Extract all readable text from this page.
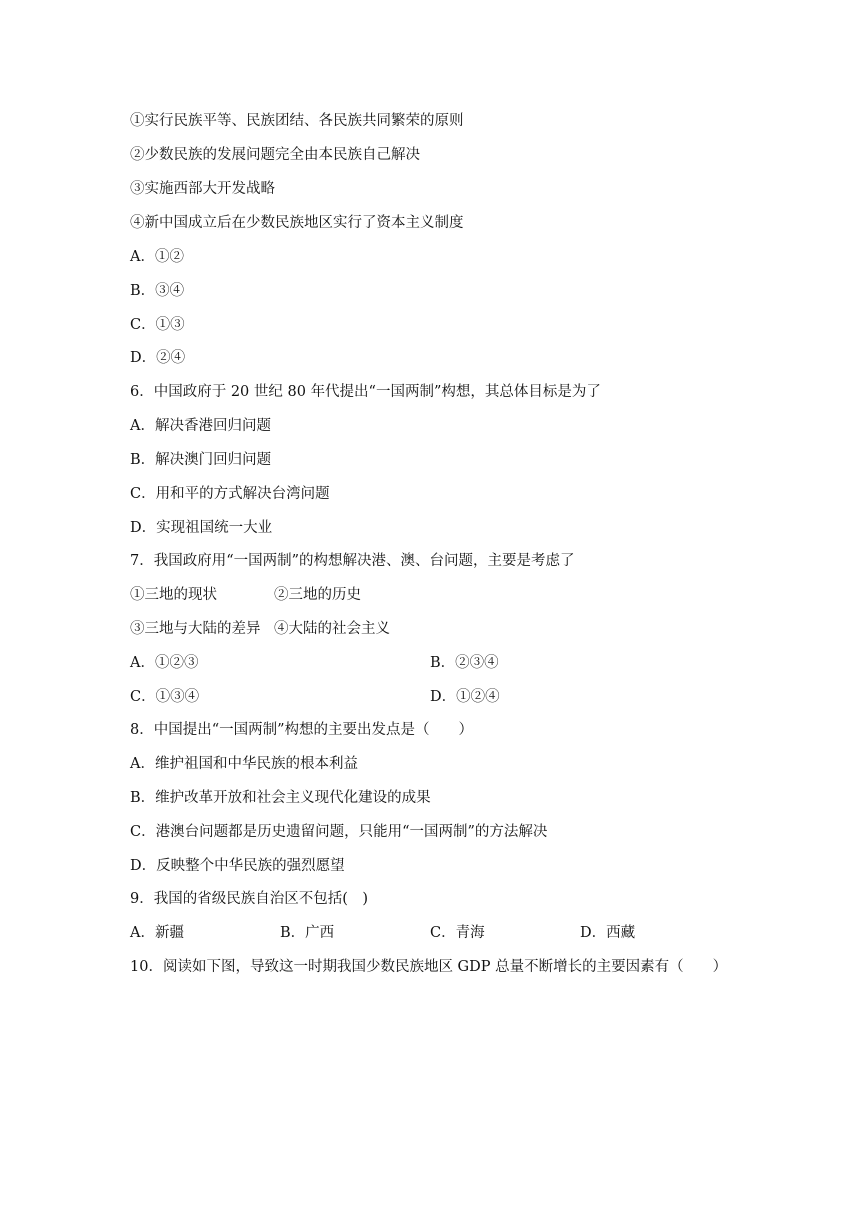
①实行民族平等、民族团结、各民族共同繁荣的原则
②少数民族的发展问题完全由本民族自己解决
③实施西部大开发战略
④新中国成立后在少数民族地区实行了资本主义制度
A．①②
B．③④
C．①③
D．②④
6．中国政府于 20 世纪 80 年代提出“一国两制”构想，其总体目标是为了
A．解决香港回归问题
B．解决澳门回归问题
C．用和平的方式解决台湾问题
D．实现祖国统一大业
7．我国政府用“一国两制”的构想解决港、澳、台问题，主要是考虑了
①三地的现状	②三地的历史
③三地与大陆的差异 ④大陆的社会主义
A．①②③	B．②③④
C．①③④	D．①②④
8．中国提出“一国两制”构想的主要出发点是（　　）
A．维护祖国和中华民族的根本利益
B．维护改革开放和社会主义现代化建设的成果
C．港澳台问题都是历史遗留问题，只能用“一国两制”的方法解决
D．反映整个中华民族的强烈愿望
9．我国的省级民族自治区不包括(　)
A．新疆	B．广西	C．青海	D．西藏
10．阅读如下图，导致这一时期我国少数民族地区 GDP 总量不断增长的主要因素有（　　）
